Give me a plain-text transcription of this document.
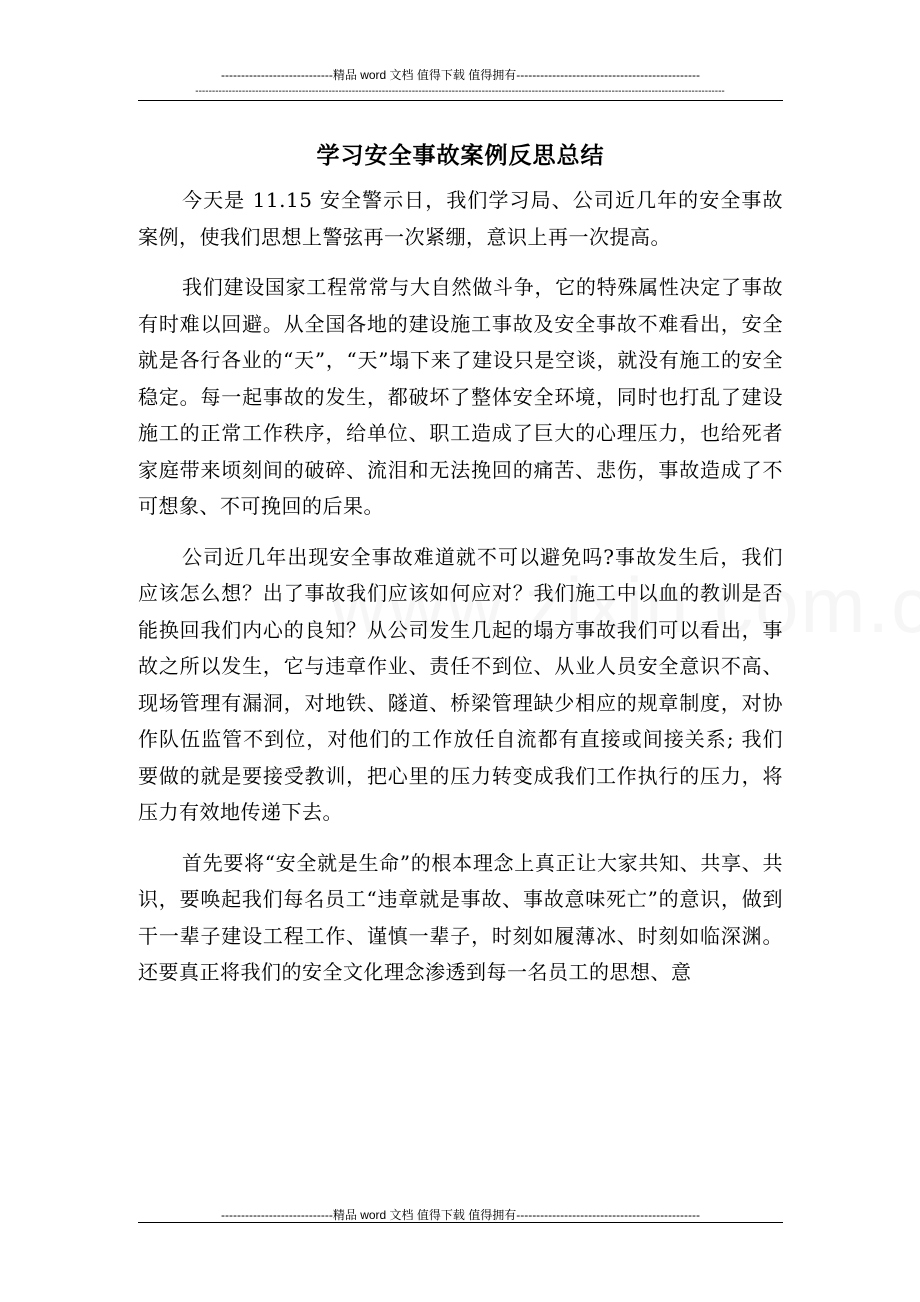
----------------------------精品 word 文档 值得下载 值得拥有----------------------------------------------
---------------------------------------------------------------------------------------------------------------------------------------------------------------
学习安全事故案例反思总结

今天是 11.15 安全警示日，我们学习局、公司近几年的安全事故案例，使我们思想上警弦再一次紧绷，意识上再一次提高。

我们建设国家工程常常与大自然做斗争，它的特殊属性决定了事故有时难以回避。从全国各地的建设施工事故及安全事故不难看出，安全就是各行各业的“天”，“天”塌下来了建设只是空谈，就没有施工的安全稳定。每一起事故的发生，都破坏了整体安全环境，同时也打乱了建设施工的正常工作秩序，给单位、职工造成了巨大的心理压力，也给死者家庭带来顷刻间的破碎、流泪和无法挽回的痛苦、悲伤，事故造成了不可想象、不可挽回的后果。

公司近几年出现安全事故难道就不可以避免吗?事故发生后，我们应该怎么想？出了事故我们应该如何应对？我们施工中以血的教训是否能换回我们内心的良知？从公司发生几起的塌方事故我们可以看出，事故之所以发生，它与违章作业、责任不到位、从业人员安全意识不高、现场管理有漏洞，对地铁、隧道、桥梁管理缺少相应的规章制度，对协作队伍监管不到位，对他们的工作放任自流都有直接或间接关系; 我们要做的就是要接受教训，把心里的压力转变成我们工作执行的压力，将压力有效地传递下去。

首先要将“安全就是生命”的根本理念上真正让大家共知、共享、共识，要唤起我们每名员工“违章就是事故、事故意味死亡”的意识，做到干一辈子建设工程工作、谨慎一辈子，时刻如履薄冰、时刻如临深渊。还要真正将我们的安全文化理念渗透到每一名员工的思想、意

----------------------------精品 word 文档 值得下载 值得拥有----------------------------------------------
